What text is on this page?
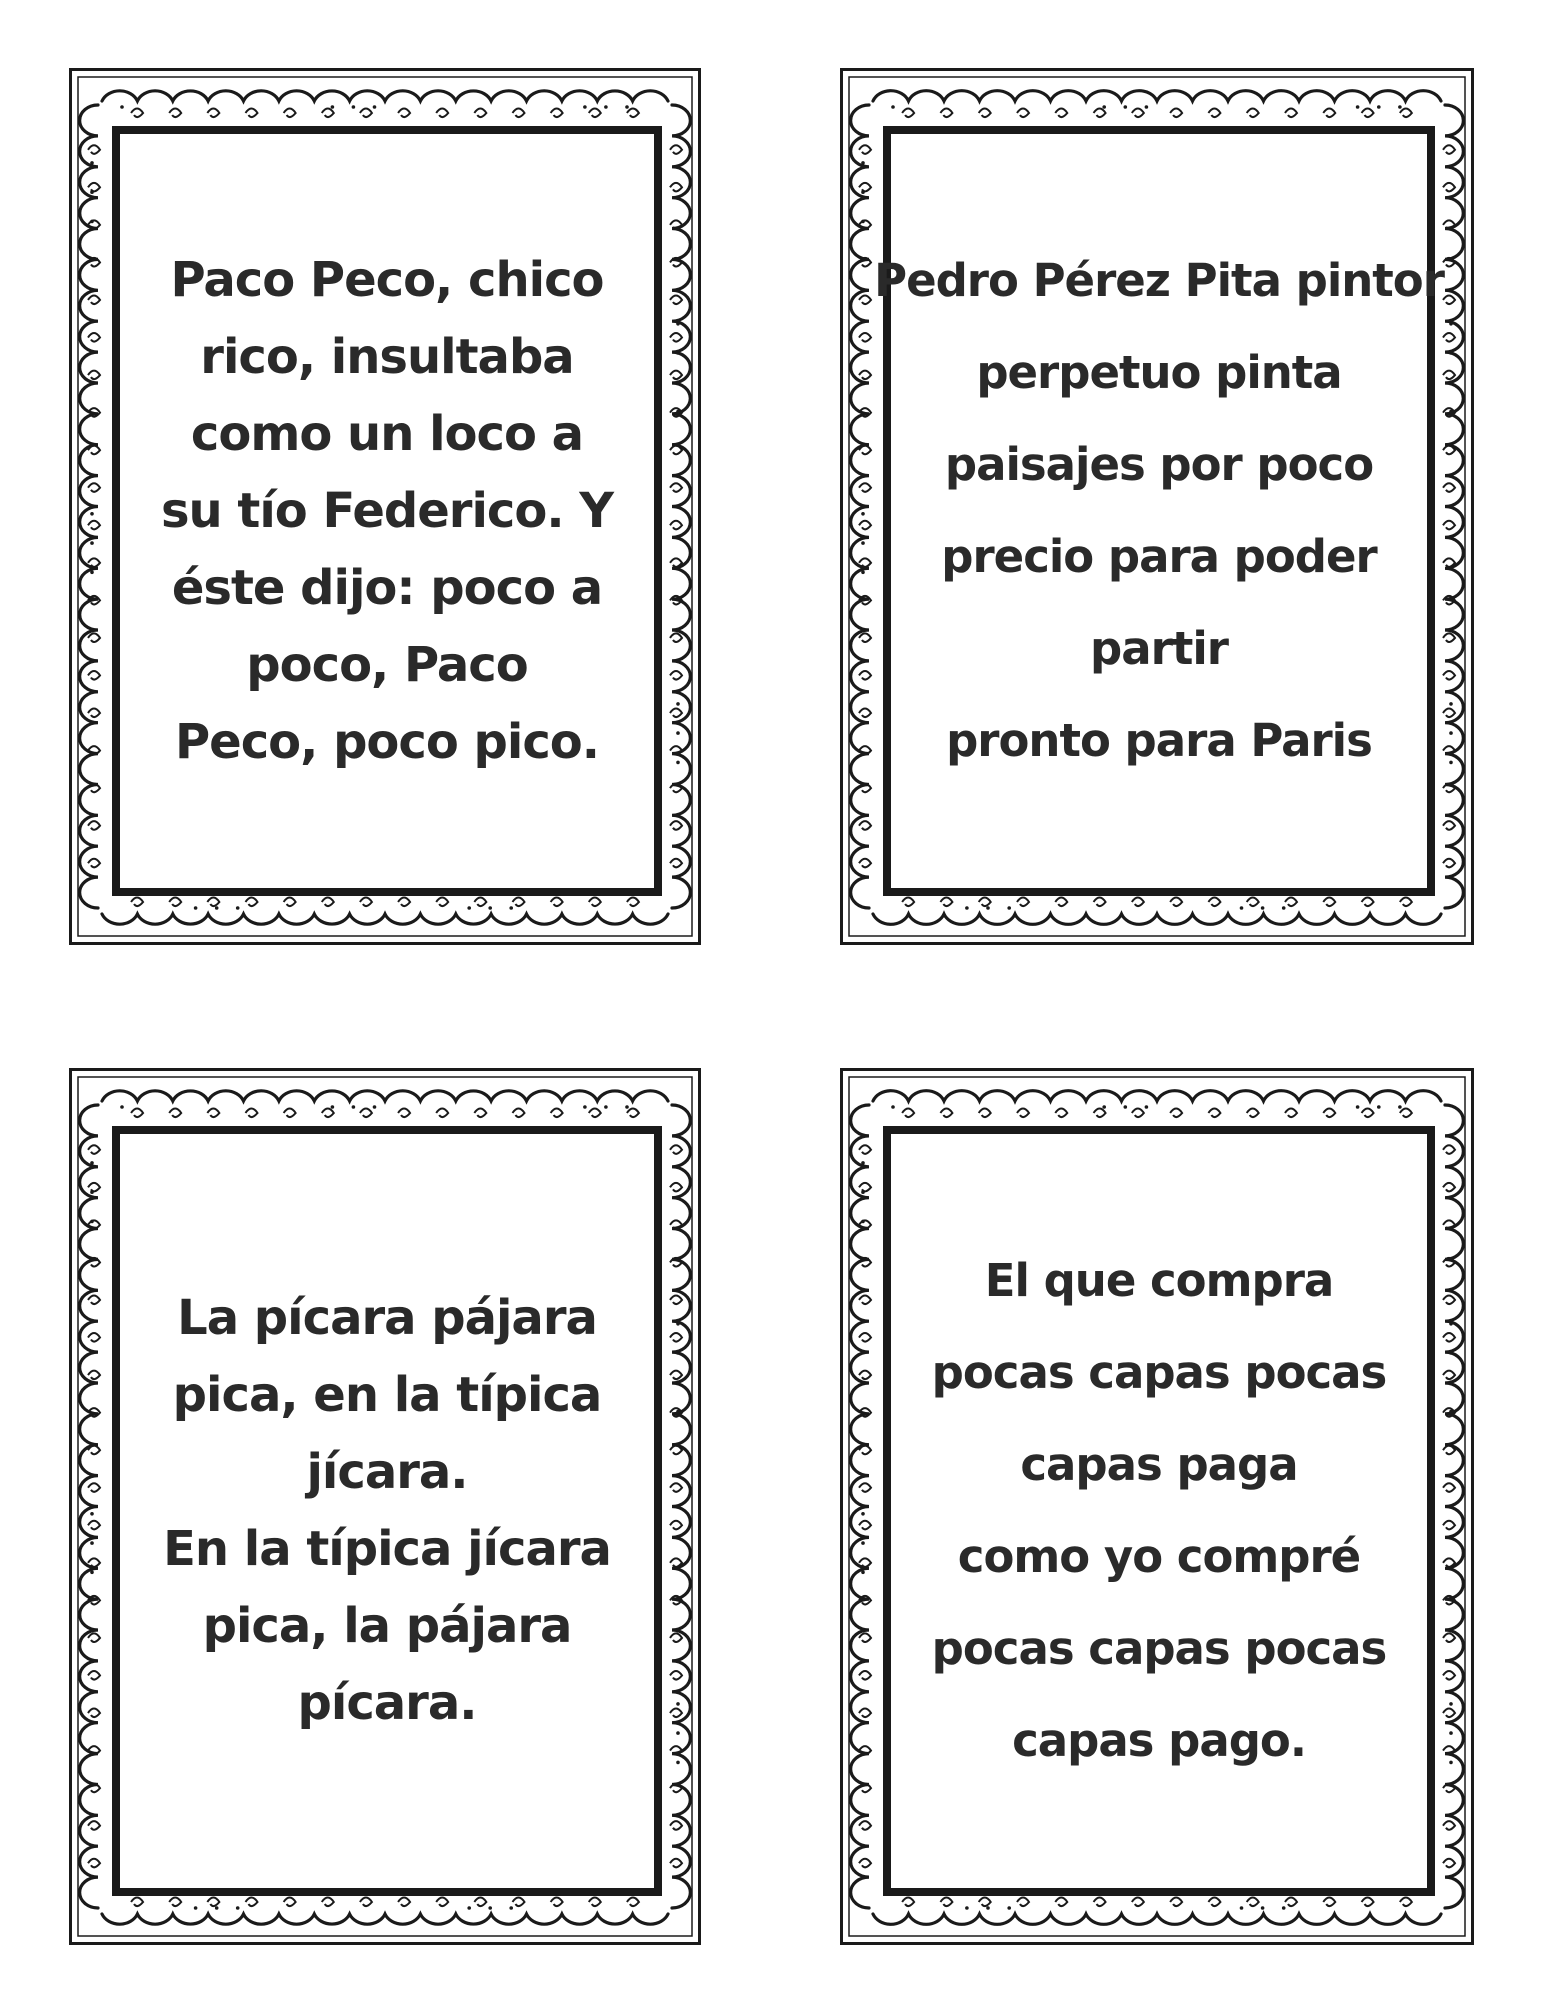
Paco Peco, chico
rico, insultaba
como un loco a
su tío Federico. Y
éste dijo: poco a
poco, Paco
Peco, poco pico.
Pedro Pérez Pita pintor
perpetuo pinta
paisajes por poco
precio para poder
partir
pronto para Paris
La pícara pájara
pica, en la típica
jícara.
En la típica jícara
pica, la pájara
pícara.
El que compra
pocas capas pocas
capas paga
como yo compré
pocas capas pocas
capas pago.
